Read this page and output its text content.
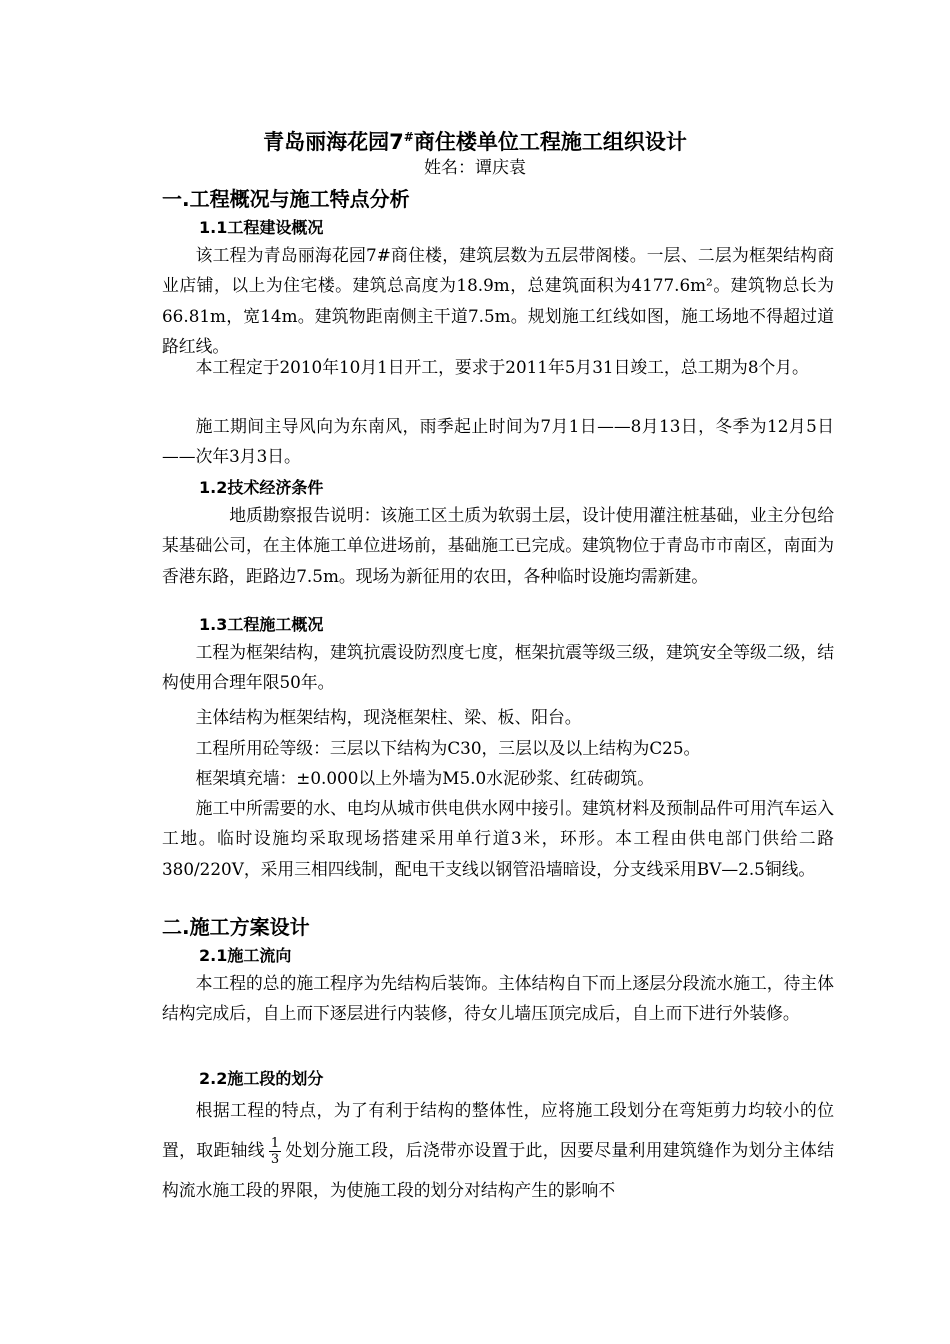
青岛丽海花园7#商住楼单位工程施工组织设计
姓名：谭庆袁
一.工程概况与施工特点分析
1.1工程建设概况

该工程为青岛丽海花园7#商住楼，建筑层数为五层带阁楼。一层、二层为框架结构商业店铺，以上为住宅楼。建筑总高度为18.9m，总建筑面积为4177.6m²。建筑物总长为66.81m，宽14m。建筑物距南侧主干道7.5m。规划施工红线如图，施工场地不得超过道路红线。

本工程定于2010年10月1日开工，要求于2011年5月31日竣工，总工期为8个月。

施工期间主导风向为东南风，雨季起止时间为7月1日——8月13日，冬季为12月5日——次年3月3日。

1.2技术经济条件

地质勘察报告说明：该施工区土质为软弱土层，设计使用灌注桩基础，业主分包给某基础公司，在主体施工单位进场前，基础施工已完成。建筑物位于青岛市市南区，南面为香港东路，距路边7.5m。现场为新征用的农田，各种临时设施均需新建。

1.3工程施工概况

工程为框架结构，建筑抗震设防烈度七度，框架抗震等级三级，建筑安全等级二级，结构使用合理年限50年。

主体结构为框架结构，现浇框架柱、梁、板、阳台。

工程所用砼等级：三层以下结构为C30，三层以及以上结构为C25。

框架填充墙：±0.000以上外墙为M5.0水泥砂浆、红砖砌筑。

施工中所需要的水、电均从城市供电供水网中接引。建筑材料及预制品件可用汽车运入工地。临时设施均采取现场搭建采用单行道3米，环形。本工程由供电部门供给二路380/220V，采用三相四线制，配电干支线以钢管沿墙暗设，分支线采用BV—2.5铜线。

二.施工方案设计
2.1施工流向

本工程的总的施工程序为先结构后装饰。主体结构自下而上逐层分段流水施工，待主体结构完成后，自上而下逐层进行内装修，待女儿墙压顶完成后，自上而下进行外装修。

2.2施工段的划分

根据工程的特点，为了有利于结构的整体性，应将施工段划分在弯矩剪力均较小的位置，取距轴线 $\frac{1}{3}$ 处划分施工段，后浇带亦设置于此，因要尽量利用建筑缝作为划分主体结构流水施工段的界限，为使施工段的划分对结构产生的影响不
